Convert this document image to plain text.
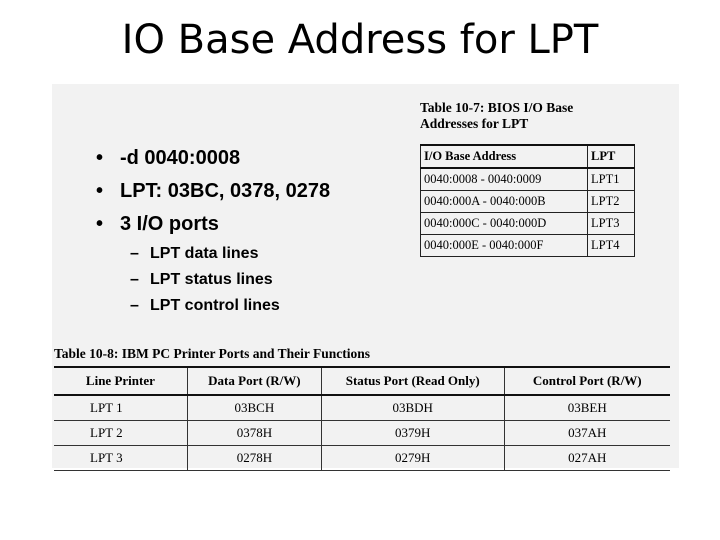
IO Base Address for LPT
• -d 0040:0008
• LPT: 03BC, 0378, 0278
• 3 I/O ports
– LPT data lines
– LPT status lines
– LPT control lines
Table 10-7: BIOS I/O Base Addresses for LPT
I/O Base Address	LPT
0040:0008 - 0040:0009	LPT1
0040:000A - 0040:000B	LPT2
0040:000C - 0040:000D	LPT3
0040:000E - 0040:000F	LPT4
Table 10-8: IBM PC Printer Ports and Their Functions
Line Printer	Data Port (R/W)	Status Port (Read Only)	Control Port (R/W)
LPT 1	03BCH	03BDH	03BEH
LPT 2	0378H	0379H	037AH
LPT 3	0278H	0279H	027AH
